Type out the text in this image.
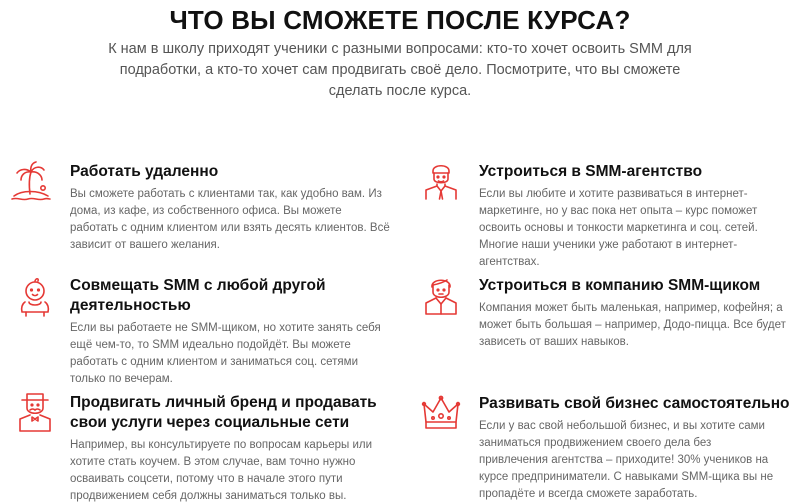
ЧТО ВЫ СМОЖЕТЕ ПОСЛЕ КУРСА?
К нам в школу приходят ученики с разными вопросами: кто-то хочет освоить SMM для подработки, а кто-то хочет сам продвигать своё дело. Посмотрите, что вы сможете сделать после курса.
Работать удаленно
Вы сможете работать с клиентами так, как удобно вам. Из дома, из кафе, из собственного офиса. Вы можете работать с одним клиентом или взять десять клиентов. Всё зависит от вашего желания.
Устроиться в SMM-агентство
Если вы любите и хотите развиваться в интернет-маркетинге, но у вас пока нет опыта – курс поможет освоить основы и тонкости маркетинга и соц. сетей. Многие наши ученики уже работают в интернет-агентствах.
Совмещать SMM с любой другой деятельностью
Если вы работаете не SMM-щиком, но хотите занять себя ещё чем-то, то SMM идеально подойдёт. Вы можете работать с одним клиентом и заниматься соц. сетями только по вечерам.
Устроиться в компанию SMM-щиком
Компания может быть маленькая, например, кофейня; а может быть большая – например, Додо-пицца. Все будет зависеть от ваших навыков.
Продвигать личный бренд и продавать свои услуги через социальные сети
Например, вы консультируете по вопросам карьеры или хотите стать коучем. В этом случае, вам точно нужно осваивать соцсети, потому что в начале этого пути продвижением себя должны заниматься только вы.
Развивать свой бизнес самостоятельно
Если у вас свой небольшой бизнес, и вы хотите сами заниматься продвижением своего дела без привлечения агентства – приходите! 30% учеников на курсе предприниматели. С навыками SMM-щика вы не пропадёте и всегда сможете заработать.
